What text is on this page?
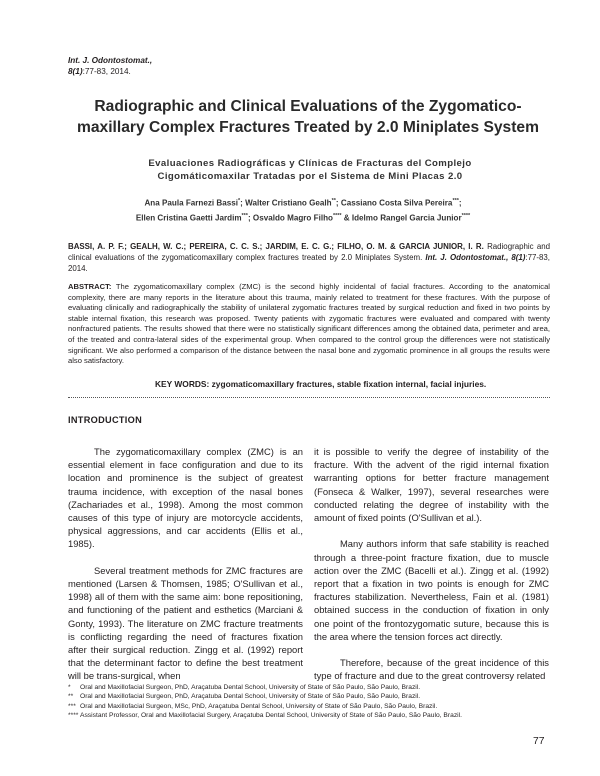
Int. J. Odontostomat.,
8(1):77-83, 2014.
Radiographic and Clinical Evaluations of the Zygomatico-maxillary Complex Fractures Treated by 2.0 Miniplates System
Evaluaciones Radiográficas y Clínicas de Fracturas del Complejo Cigomáticomaxilar Tratadas por el Sistema de Mini Placas 2.0
Ana Paula Farnezi Bassi*; Walter Cristiano Gealh**; Cassiano Costa Silva Pereira***;
Ellen Cristina Gaetti Jardim***; Osvaldo Magro Filho**** & Idelmo Rangel Garcia Junior****
BASSI, A. P. F.; GEALH, W. C.; PEREIRA, C. C. S.; JARDIM, E. C. G.; FILHO, O. M. & GARCIA JUNIOR, I. R. Radiographic and clinical evaluations of the zygomaticomaxillary complex fractures treated by 2.0 Miniplates System. Int. J. Odontostomat., 8(1):77-83, 2014.
ABSTRACT: The zygomaticomaxillary complex (ZMC) is the second highly incidental of facial fractures. According to the anatomical complexity, there are many reports in the literature about this trauma, mainly related to treatment for these fractures. With the purpose of evaluating clinically and radiographically the stability of unilateral zygomatic fractures treated by surgical reduction and fixed in two points by stable internal fixation, this research was proposed. Twenty patients with zygomatic fractures were evaluated and compared with twenty nonfractured patients. The results showed that there were no statistically significant differences among the obtained data, perimeter and area, of the treated and contra-lateral sides of the experimental group. When compared to the control group the differences were not statistically significant. We also performed a comparison of the distance between the nasal bone and zygomatic prominence in all groups the results were also satisfactory.
KEY WORDS: zygomaticomaxillary fractures, stable fixation internal, facial injuries.
INTRODUCTION

The zygomaticomaxillary complex (ZMC) is an essential element in face configuration and due to its location and prominence is the subject of greatest trauma incidence, with exception of the nasal bones (Zachariades et al., 1998). Among the most common causes of this type of injury are motorcycle accidents, physical aggressions, and car accidents (Ellis et al., 1985).

Several treatment methods for ZMC fractures are mentioned (Larsen & Thomsen, 1985; O'Sullivan et al., 1998) all of them with the same aim: bone repositioning, and functioning of the patient and esthetics (Marciani & Gonty, 1993). The literature on ZMC fracture treatments is conflicting regarding the need of fractures fixation after their surgical reduction. Zingg et al. (1992) report that the determinant factor to define the best treatment will be trans-surgical, when

it is possible to verify the degree of instability of the fracture. With the advent of the rigid internal fixation warranting options for better fracture management (Fonseca & Walker, 1997), several researches were conducted relating the degree of instability with the amount of fixed points (O'Sullivan et al.).

Many authors inform that safe stability is reached through a three-point fracture fixation, due to muscle action over the ZMC (Bacelli et al.). Zingg et al. (1992) report that a fixation in two points is enough for ZMC fractures stabilization. Nevertheless, Fain et al. (1981) obtained success in the conduction of fixation in only one point of the frontozygomatic suture, because this is the area where the tension forces act directly.

Therefore, because of the great incidence of this type of fracture and due to the great controversy related

*	Oral and Maxillofacial Surgeon, PhD, Araçatuba Dental School, University of State of São Paulo, São Paulo, Brazil.
**	Oral and Maxillofacial Surgeon, PhD, Araçatuba Dental School, University of State of São Paulo, São Paulo, Brazil.
*** Oral and Maxillofacial Surgeon, MSc, PhD, Araçatuba Dental School, University of State of São Paulo, São Paulo, Brazil.
**** Assistant Professor, Oral and Maxillofacial Surgery, Araçatuba Dental School, University of State of São Paulo, São Paulo, Brazil.
77
